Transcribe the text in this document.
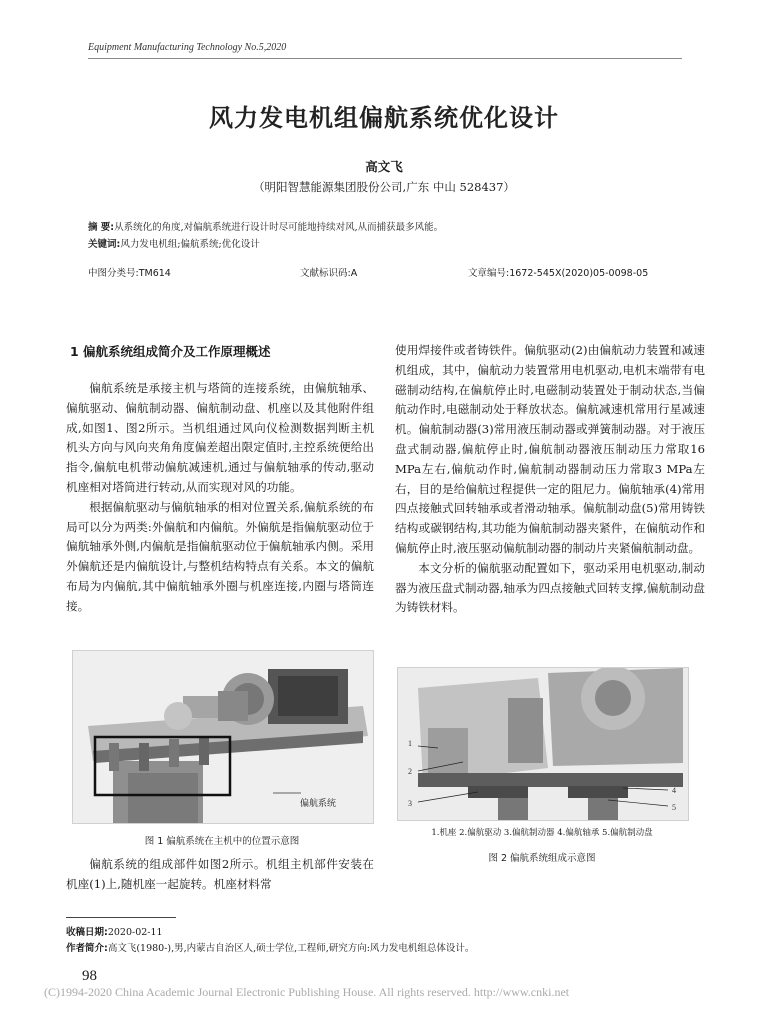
Equipment Manufacturing Technology No.5,2020
风力发电机组偏航系统优化设计
高文飞
（明阳智慧能源集团股份公司,广东 中山 528437）
摘 要:从系统化的角度,对偏航系统进行设计时尽可能地持续对风,从而捕获最多风能。
关键词:风力发电机组;偏航系统;优化设计
中图分类号:TM614	文献标识码:A	文章编号:1672-545X(2020)05-0098-05
1 偏航系统组成简介及工作原理概述

偏航系统是承接主机与塔筒的连接系统，由偏航轴承、偏航驱动、偏航制动器、偏航制动盘、机座以及其他附件组成,如图1、图2所示。当机组通过风向仪检测数据判断主机机头方向与风向夹角角度偏差超出限定值时,主控系统便给出指令,偏航电机带动偏航减速机,通过与偏航轴承的传动,驱动机座相对塔筒进行转动,从而实现对风的功能。

根据偏航驱动与偏航轴承的相对位置关系,偏航系统的布局可以分为两类:外偏航和内偏航。外偏航是指偏航驱动位于偏航轴承外侧,内偏航是指偏航驱动位于偏航轴承内侧。采用外偏航还是内偏航设计,与整机结构特点有关系。本文的偏航布局为内偏航,其中偏航轴承外圈与机座连接,内圈与塔筒连接。

偏航系统
图 1 偏航系统在主机中的位置示意图

偏航系统的组成部件如图2所示。机组主机部件安装在机座(1)上,随机座一起旋转。机座材料常

使用焊接件或者铸铁件。偏航驱动(2)由偏航动力装置和减速机组成，其中，偏航动力装置常用电机驱动,电机末端带有电磁制动结构,在偏航停止时,电磁制动装置处于制动状态,当偏航动作时,电磁制动处于释放状态。偏航减速机常用行星减速机。偏航制动器(3)常用液压制动器或弹簧制动器。对于液压盘式制动器,偏航停止时,偏航制动器液压制动压力常取16 MPa左右,偏航动作时,偏航制动器制动压力常取3 MPa左右，目的是给偏航过程提供一定的阻尼力。偏航轴承(4)常用四点接触式回转轴承或者滑动轴承。偏航制动盘(5)常用铸铁结构或碳钢结构,其功能为偏航制动器夹紧件，在偏航动作和偏航停止时,液压驱动偏航制动器的制动片夹紧偏航制动盘。

本文分析的偏航驱动配置如下，驱动采用电机驱动,制动器为液压盘式制动器,轴承为四点接触式回转支撑,偏航制动盘为铸铁材料。

1
2
3
4
5
1.机座 2.偏航驱动 3.偏航制动器 4.偏航轴承 5.偏航制动盘
图 2 偏航系统组成示意图
收稿日期:2020-02-11
作者简介:高文飞(1980-),男,内蒙古自治区人,硕士学位,工程师,研究方向:风力发电机组总体设计。
98
(C)1994-2020 China Academic Journal Electronic Publishing House. All rights reserved. http://www.cnki.net
